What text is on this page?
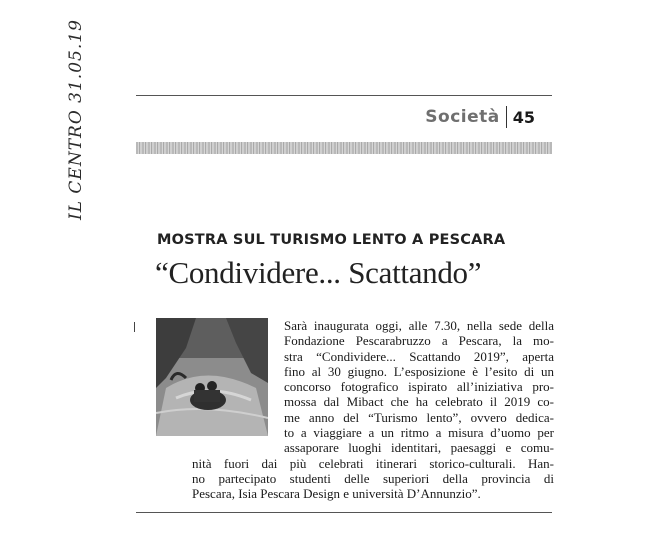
IL CENTRO 31.05.19	Società 45
MOSTRA SUL TURISMO LENTO A PESCARA
“Condividere... Scattando”
Sarà inaugurata oggi, alle 7.30, nella sede della
Fondazione Pescarabruzzo a Pescara, la mo-
stra “Condividere... Scattando 2019”, aperta
fino al 30 giugno. L’esposizione è l’esito di un
concorso fotografico ispirato all’iniziativa pro-
mossa dal Mibact che ha celebrato il 2019 co-
me anno del “Turismo lento”, ovvero dedica-
to a viaggiare a un ritmo a misura d’uomo per
assaporare luoghi identitari, paesaggi e comu-
nità fuori dai più celebrati itinerari storico-culturali. Han-
no partecipato studenti delle superiori della provincia di
Pescara, Isia Pescara Design e università D’Annunzio”.
